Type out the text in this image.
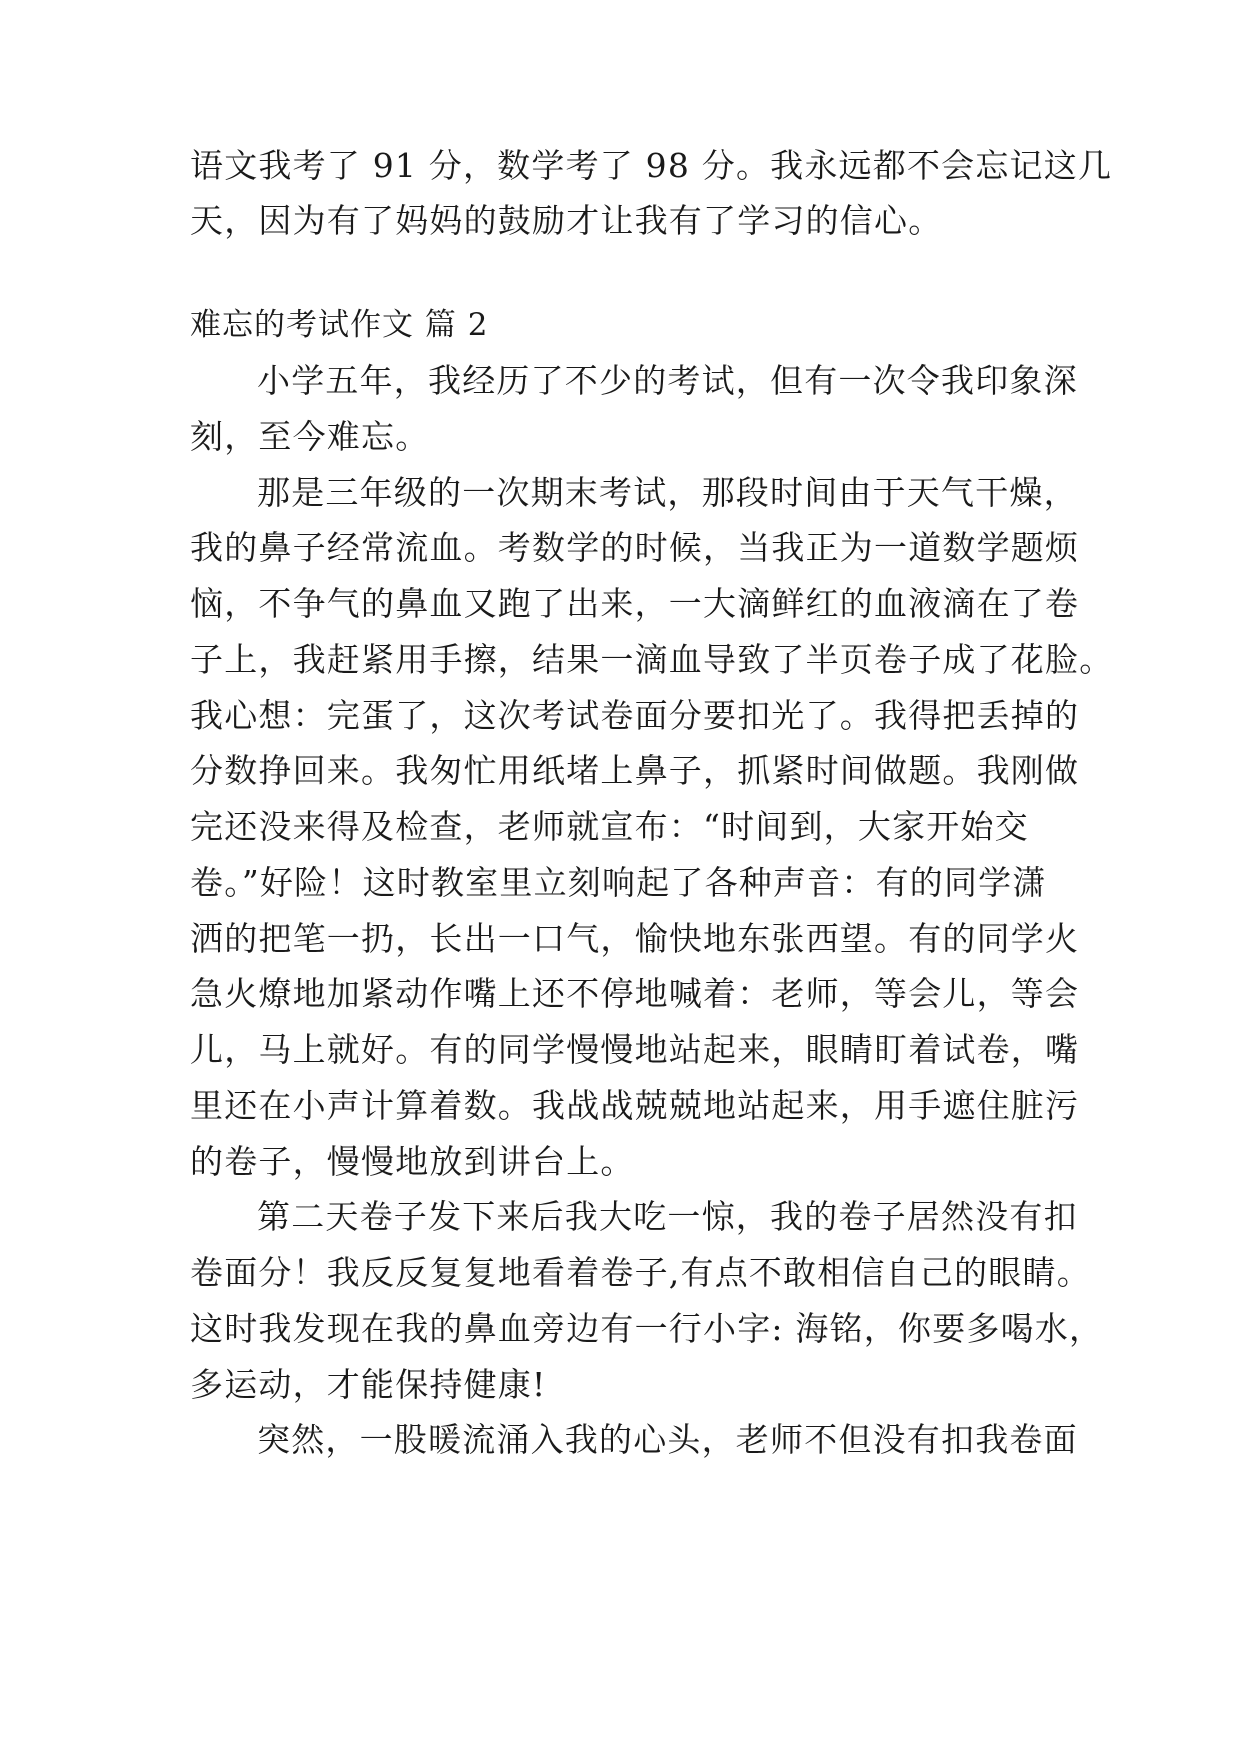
语文我考了 91 分，数学考了 98 分。我永远都不会忘记这几
天，因为有了妈妈的鼓励才让我有了学习的信心。
难忘的考试作文 篇 2
小学五年，我经历了不少的考试，但有一次令我印象深
刻，至今难忘。
那是三年级的一次期末考试，那段时间由于天气干燥，
我的鼻子经常流血。考数学的时候，当我正为一道数学题烦
恼，不争气的鼻血又跑了出来，一大滴鲜红的血液滴在了卷
子上，我赶紧用手擦，结果一滴血导致了半页卷子成了花脸。
我心想：完蛋了，这次考试卷面分要扣光了。我得把丢掉的
分数挣回来。我匆忙用纸堵上鼻子，抓紧时间做题。我刚做
完还没来得及检查，老师就宣布：“时间到，大家开始交
卷。”好险！这时教室里立刻响起了各种声音：有的同学潇
洒的把笔一扔，长出一口气，愉快地东张西望。有的同学火
急火燎地加紧动作嘴上还不停地喊着：老师，等会儿，等会
儿，马上就好。有的同学慢慢地站起来，眼睛盯着试卷，嘴
里还在小声计算着数。我战战兢兢地站起来，用手遮住脏污
的卷子，慢慢地放到讲台上。
第二天卷子发下来后我大吃一惊，我的卷子居然没有扣
卷面分！我反反复复地看着卷子,有点不敢相信自己的眼睛。
这时我发现在我的鼻血旁边有一行小字: 海铭，你要多喝水，
多运动，才能保持健康!
突然，一股暖流涌入我的心头，老师不但没有扣我卷面
